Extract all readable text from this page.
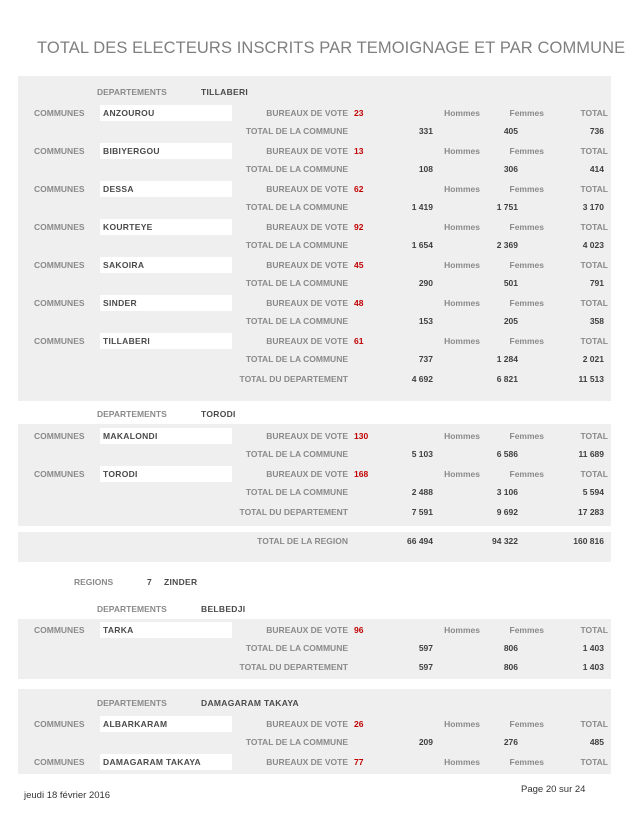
TOTAL DES ELECTEURS INSCRITS PAR TEMOIGNAGE ET PAR COMMUNE
DEPARTEMENTS	TILLABERI
COMMUNES ANZOUROU	BUREAUX DE VOTE 23	Hommes	Femmes	TOTAL
TOTAL DE LA COMMUNE	331	405	736
COMMUNES BIBIYERGOU	BUREAUX DE VOTE 13	Hommes	Femmes	TOTAL
TOTAL DE LA COMMUNE	108	306	414
COMMUNES DESSA	BUREAUX DE VOTE 62	Hommes	Femmes	TOTAL
TOTAL DE LA COMMUNE	1 419	1 751	3 170
COMMUNES KOURTEYE	BUREAUX DE VOTE 92	Hommes	Femmes	TOTAL
TOTAL DE LA COMMUNE	1 654	2 369	4 023
COMMUNES SAKOIRA	BUREAUX DE VOTE 45	Hommes	Femmes	TOTAL
TOTAL DE LA COMMUNE	290	501	791
COMMUNES SINDER	BUREAUX DE VOTE 48	Hommes	Femmes	TOTAL
TOTAL DE LA COMMUNE	153	205	358
COMMUNES TILLABERI	BUREAUX DE VOTE 61	Hommes	Femmes	TOTAL
TOTAL DE LA COMMUNE	737	1 284	2 021
TOTAL DU DEPARTEMENT	4 692	6 821	11 513
DEPARTEMENTS	TORODI
COMMUNES MAKALONDI	BUREAUX DE VOTE 130	Hommes	Femmes	TOTAL
TOTAL DE LA COMMUNE	5 103	6 586	11 689
COMMUNES TORODI	BUREAUX DE VOTE 168	Hommes	Femmes	TOTAL
TOTAL DE LA COMMUNE	2 488	3 106	5 594
TOTAL DU DEPARTEMENT	7 591	9 692	17 283
TOTAL DE LA REGION	66 494	94 322	160 816
REGIONS	7 ZINDER
DEPARTEMENTS	BELBEDJI
COMMUNES TARKA	BUREAUX DE VOTE 96	Hommes	Femmes	TOTAL
TOTAL DE LA COMMUNE	597	806	1 403
TOTAL DU DEPARTEMENT	597	806	1 403
DEPARTEMENTS	DAMAGARAM TAKAYA
COMMUNES ALBARKARAM	BUREAUX DE VOTE 26	Hommes	Femmes	TOTAL
TOTAL DE LA COMMUNE	209	276	485
COMMUNES DAMAGARAM TAKAYA	BUREAUX DE VOTE 77	Hommes	Femmes	TOTAL
jeudi 18 février 2016
Page 20 sur 24
